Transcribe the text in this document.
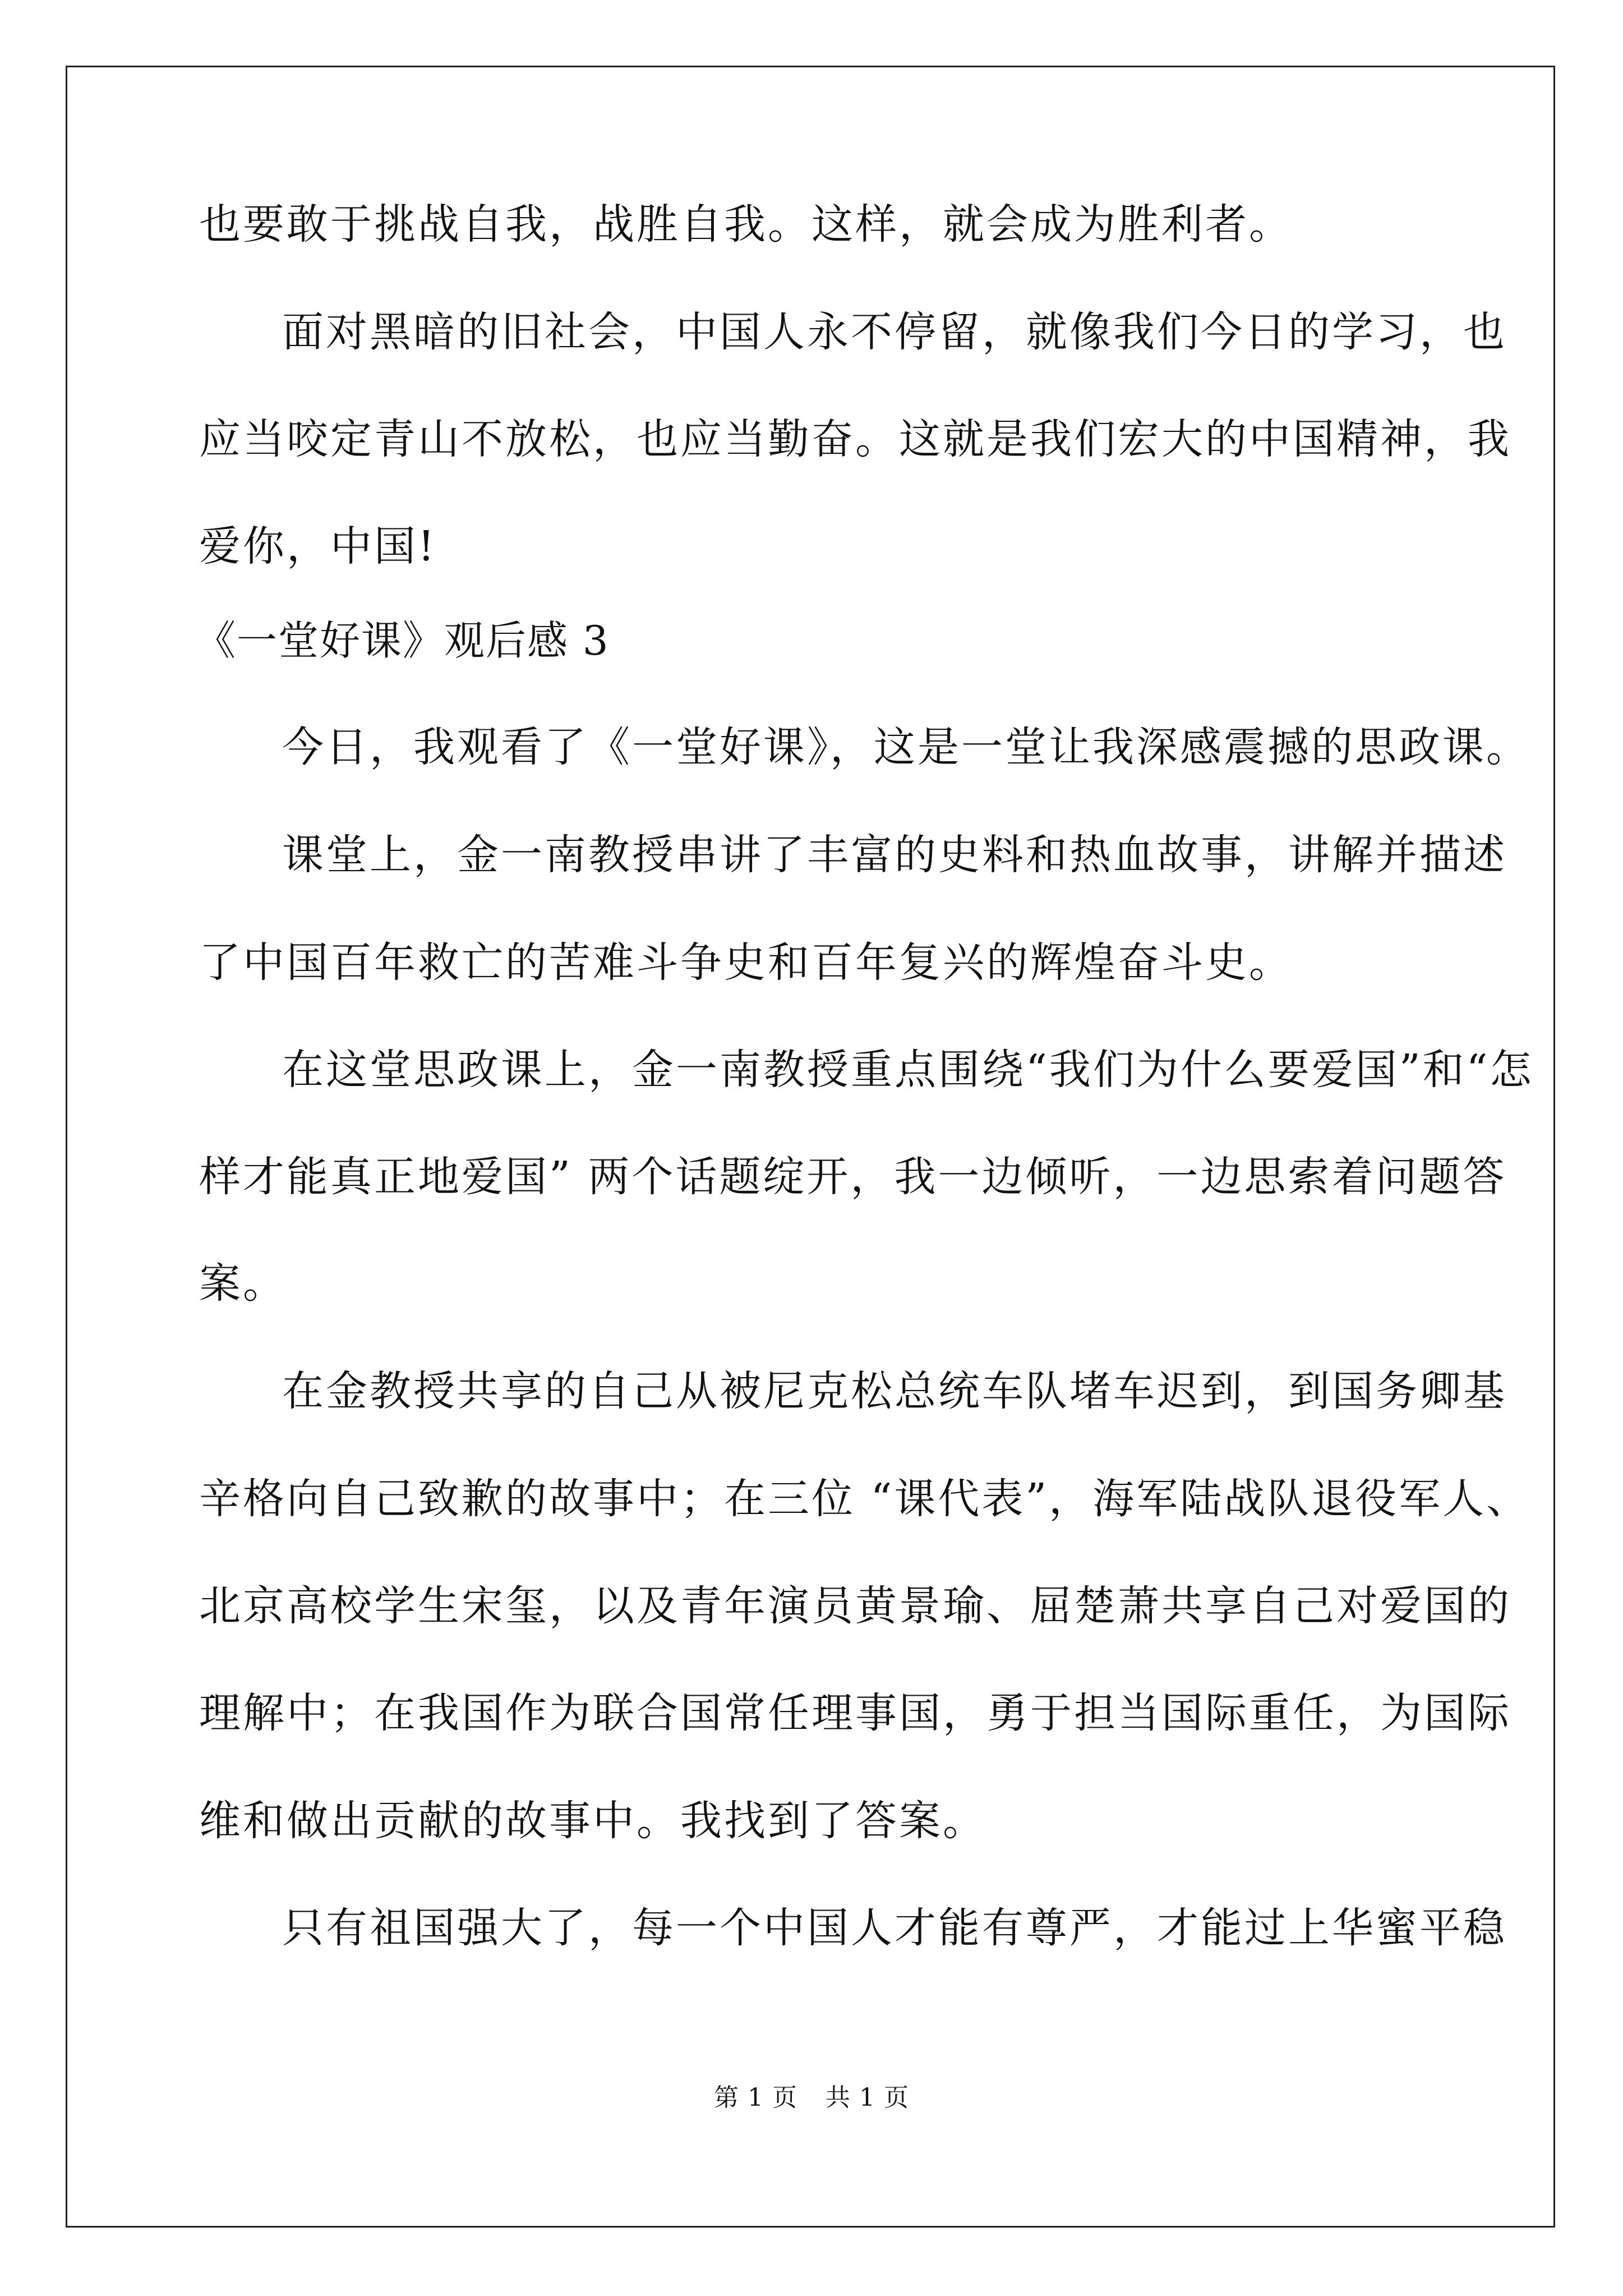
也要敢于挑战自我，战胜自我。这样，就会成为胜利者。
面对黑暗的旧社会，中国人永不停留，就像我们今日的学习，也
应当咬定青山不放松，也应当勤奋。这就是我们宏大的中国精神，我
爱你，中国!
《一堂好课》观后感 3
今日，我观看了《一堂好课》，这是一堂让我深感震撼的思政课。
课堂上，金一南教授串讲了丰富的史料和热血故事，讲解并描述
了中国百年救亡的苦难斗争史和百年复兴的辉煌奋斗史。
在这堂思政课上，金一南教授重点围绕“我们为什么要爱国”和“怎
样才能真正地爱国” 两个话题绽开，我一边倾听，一边思索着问题答
案。
在金教授共享的自己从被尼克松总统车队堵车迟到，到国务卿基
辛格向自己致歉的故事中；在三位 “课代表”，海军陆战队退役军人、
北京高校学生宋玺，以及青年演员黄景瑜、屈楚萧共享自己对爱国的
理解中；在我国作为联合国常任理事国，勇于担当国际重任，为国际
维和做出贡献的故事中。我找到了答案。
只有祖国强大了，每一个中国人才能有尊严，才能过上华蜜平稳
第 1 页 共 1 页
